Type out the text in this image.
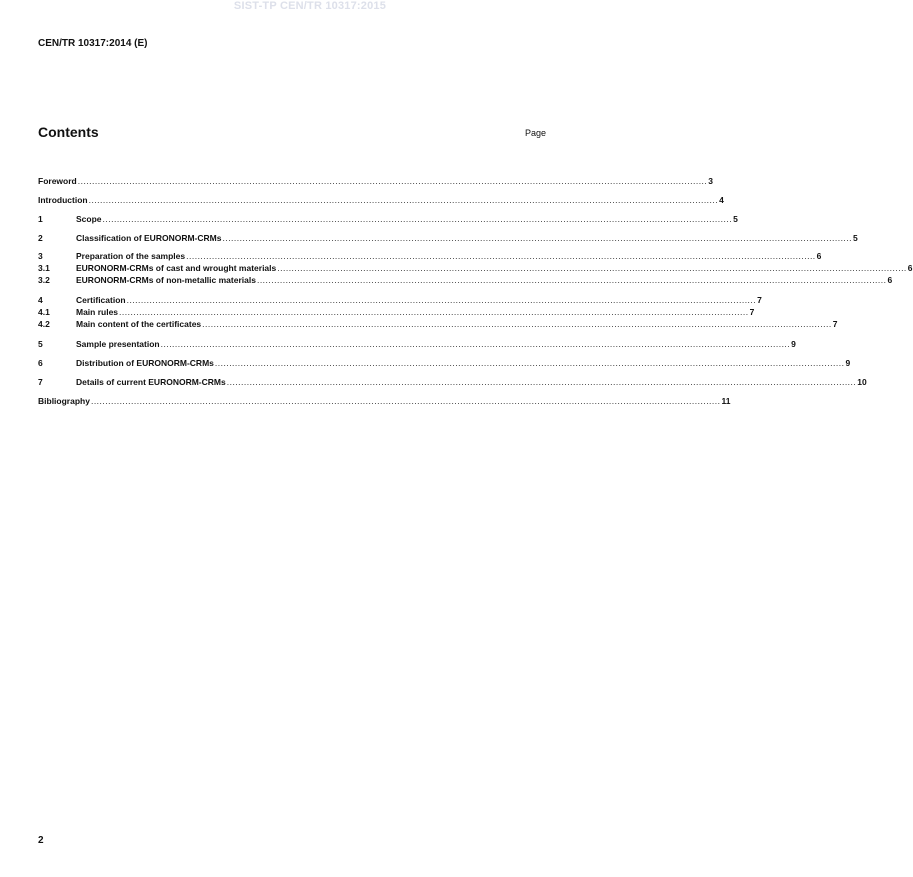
SIST-TP CEN/TR 10317:2015
CEN/TR 10317:2014 (E)
Contents	Page
Foreword ............................................................................................................................................................................................................................ 3
Introduction ............................................................................................................................................................................................................................ 4
1	Scope ............................................................................................................................................................................................................................ 5
2	Classification of EURONORM-CRMs ............................................................................................................................................................................................................................ 5
3	Preparation of the samples ............................................................................................................................................................................................................................ 6
3.1	EURONORM-CRMs of cast and wrought materials ............................................................................................................................................................................................................................ 6
3.2	EURONORM-CRMs of non-metallic materials ............................................................................................................................................................................................................................ 6
4	Certification ............................................................................................................................................................................................................................ 7
4.1	Main rules ............................................................................................................................................................................................................................ 7
4.2	Main content of the certificates ............................................................................................................................................................................................................................ 7
5	Sample presentation ............................................................................................................................................................................................................................ 9
6	Distribution of EURONORM-CRMs ............................................................................................................................................................................................................................ 9
7	Details of current EURONORM-CRMs ............................................................................................................................................................................................................................ 10
Bibliography ............................................................................................................................................................................................................................ 11
2
